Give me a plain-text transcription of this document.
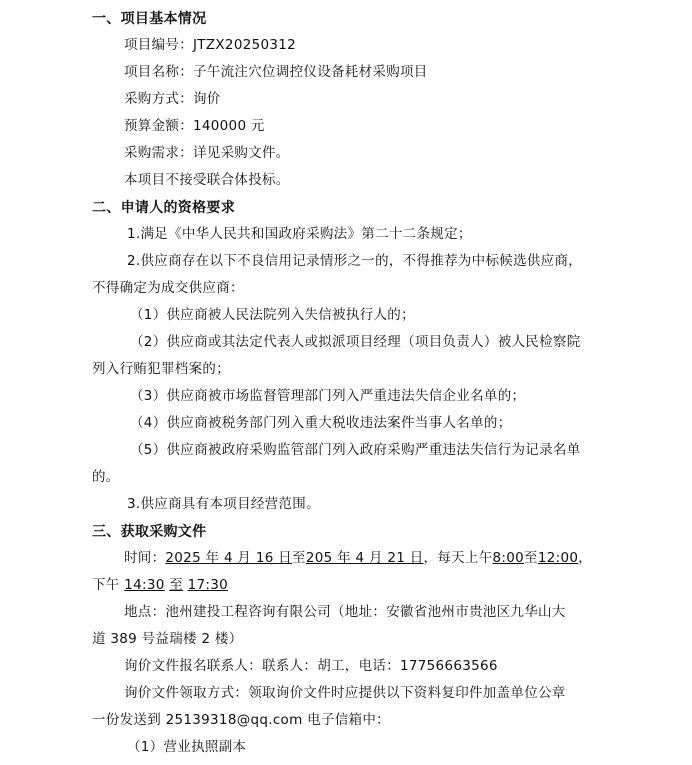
一、项目基本情况
项目编号：JTZX20250312
项目名称：子午流注穴位调控仪设备耗材采购项目
采购方式：询价
预算金额：140000 元
采购需求：详见采购文件。
本项目不接受联合体投标。
二、申请人的资格要求
1.满足《中华人民共和国政府采购法》第二十二条规定；
2.供应商存在以下不良信用记录情形之一的，不得推荐为中标候选供应商，
不得确定为成交供应商：
（1）供应商被人民法院列入失信被执行人的；
（2）供应商或其法定代表人或拟派项目经理（项目负责人）被人民检察院
列入行贿犯罪档案的；
（3）供应商被市场监督管理部门列入严重违法失信企业名单的；
（4）供应商被税务部门列入重大税收违法案件当事人名单的；
（5）供应商被政府采购监管部门列入政府采购严重违法失信行为记录名单
的。
3.供应商具有本项目经营范围。
三、获取采购文件
时间：2025 年 4 月 16 日至205 年 4 月 21 日，每天上午8:00至12:00，
下午 14:30 至 17:30
地点：池州建投工程咨询有限公司（地址：安徽省池州市贵池区九华山大
道 389 号益瑞楼 2 楼）
询价文件报名联系人：联系人：胡工，电话：17756663566
询价文件领取方式：领取询价文件时应提供以下资料复印件加盖单位公章
一份发送到 25139318@qq.com 电子信箱中：
（1）营业执照副本
